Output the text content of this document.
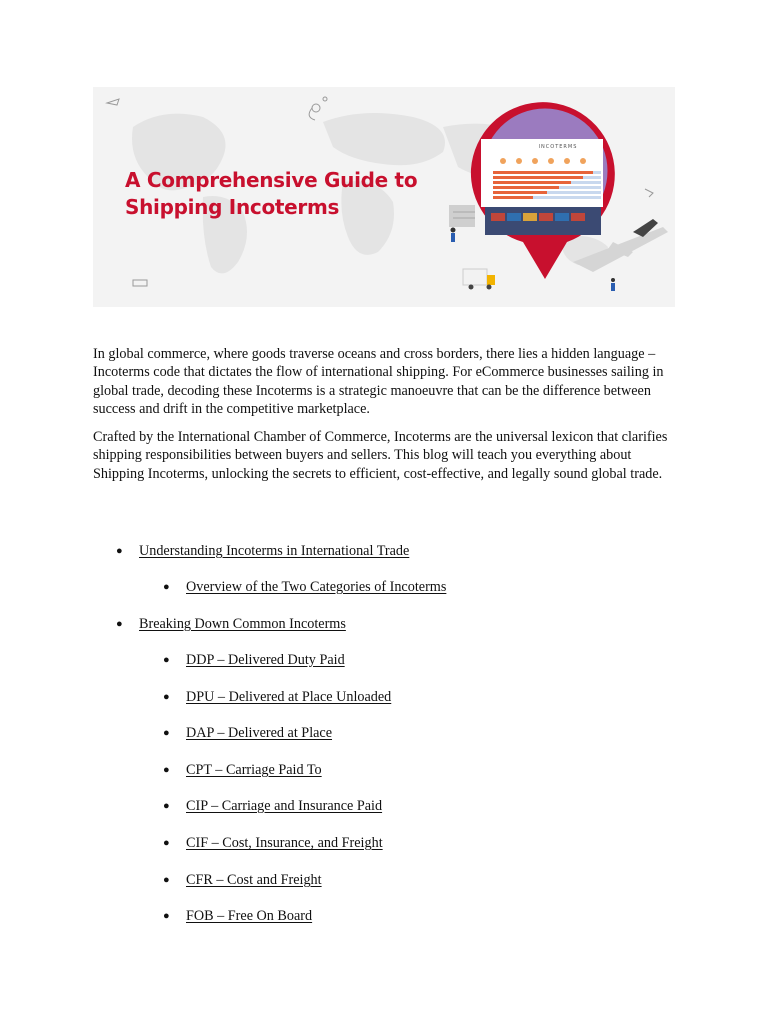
A Comprehensive Guide to Shipping Incoterms
INCOTERMS

In global commerce, where goods traverse oceans and cross borders, there lies a hidden language – Incoterms code that dictates the flow of international shipping. For eCommerce businesses sailing in global trade, decoding these Incoterms is a strategic manoeuvre that can be the difference between success and drift in the competitive marketplace.

Crafted by the International Chamber of Commerce, Incoterms are the universal lexicon that clarifies shipping responsibilities between buyers and sellers. This blog will teach you everything about Shipping Incoterms, unlocking the secrets to efficient, cost-effective, and legally sound global trade.

● Understanding Incoterms in International Trade
● Overview of the Two Categories of Incoterms
● Breaking Down Common Incoterms
● DDP – Delivered Duty Paid
● DPU – Delivered at Place Unloaded
● DAP – Delivered at Place
● CPT – Carriage Paid To
● CIP – Carriage and Insurance Paid
● CIF – Cost, Insurance, and Freight
● CFR – Cost and Freight
● FOB – Free On Board
